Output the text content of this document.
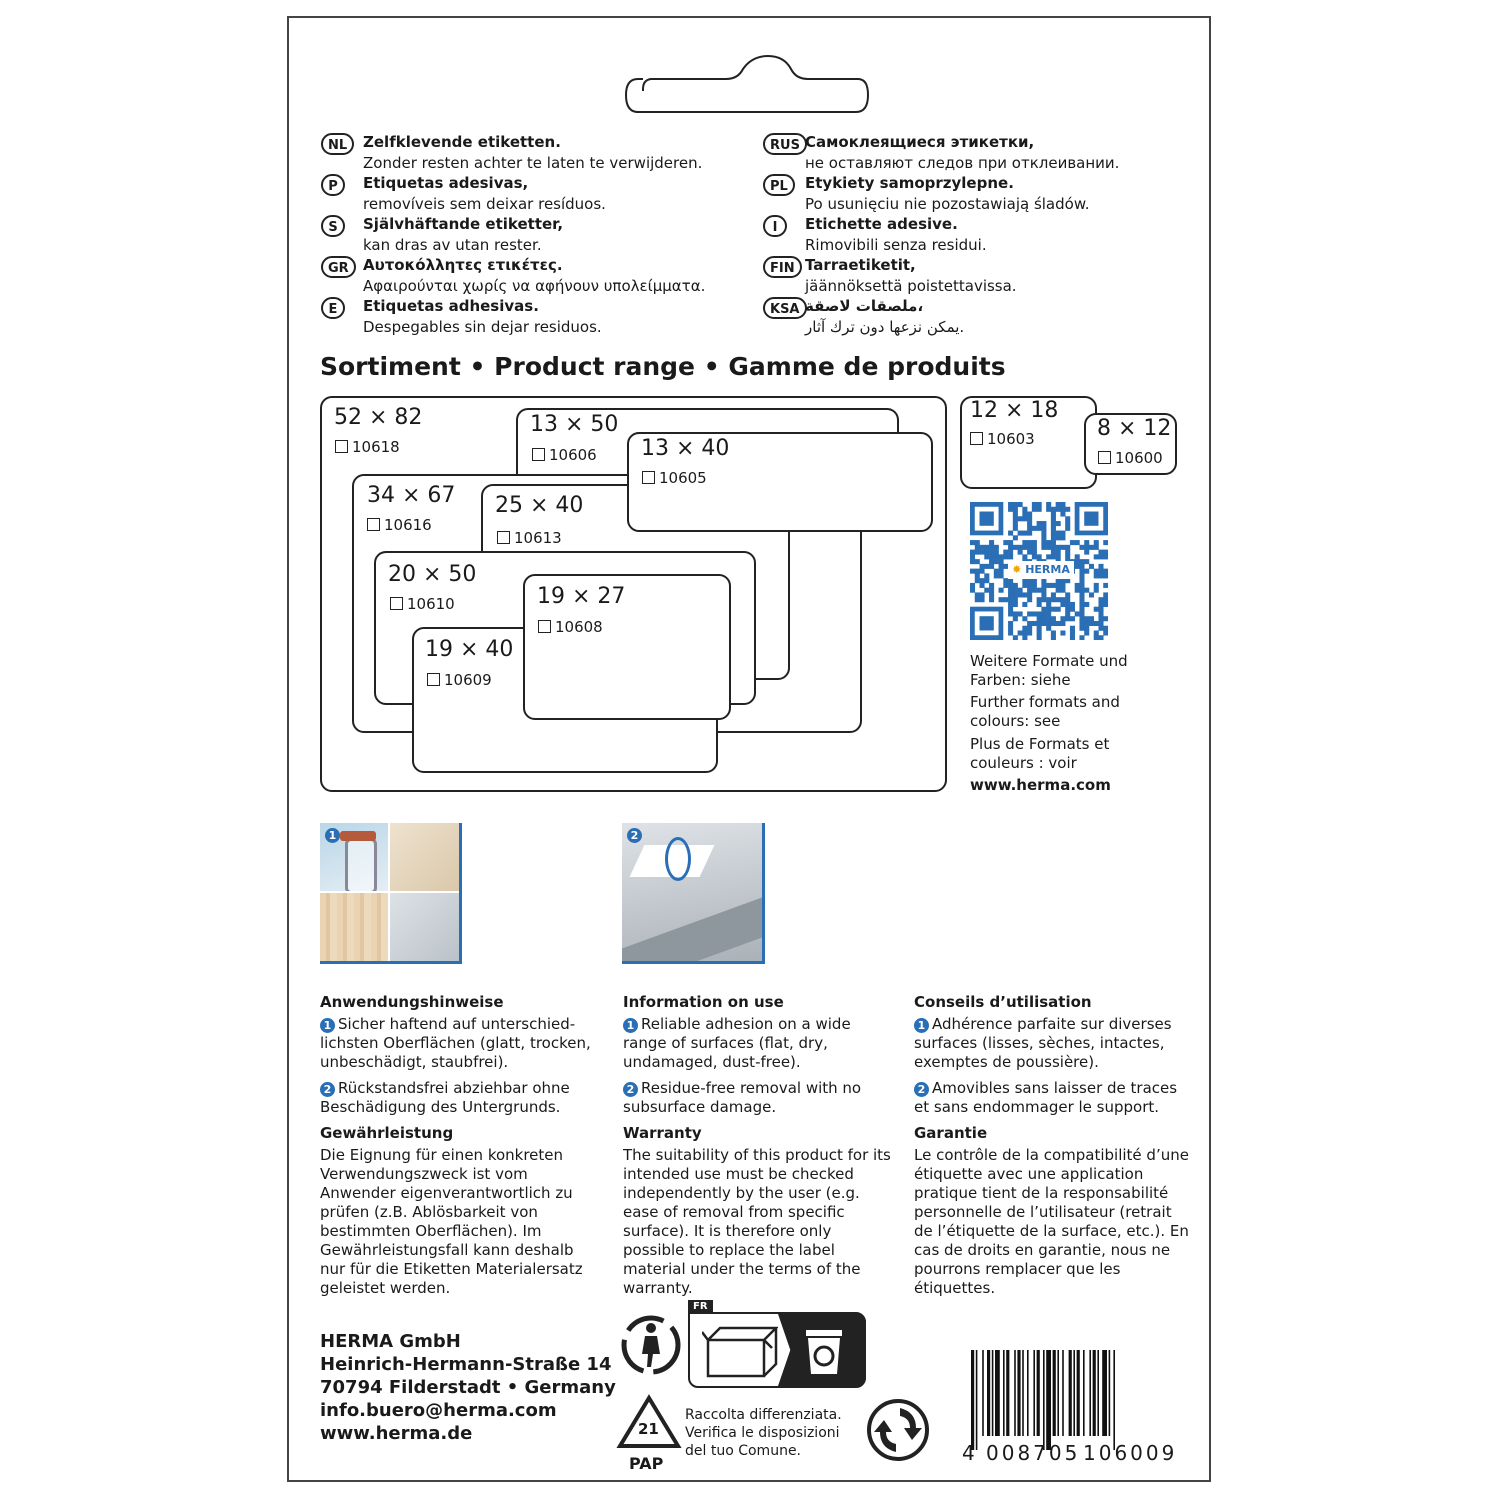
NL	Zelfklevende etiketten.
Zonder resten achter te laten te verwijderen.
P	Etiquetas adesivas,
removíveis sem deixar resíduos.
S	Självhäftande etiketter,
kan dras av utan rester.
GR Αυτοκόλλητες ετικέτες.
Αφαιρούνται χωρίς να αφήνουν υπολείμματα.
E	Etiquetas adhesivas.
Despegables sin dejar residuos.
RUS Самоклеящиеся этикетки,
не оставляют следов при отклеивании.
PL	Etykiety samoprzylepne.
Po usunięciu nie pozostawiają śladów.
I	Etichette adesive.
Rimovibili senza residui.
FIN Tarraetiketit,
jäännöksettä poistettavissa.
KSA ملصقات لاصقة،
يمكن نزعها دون ترك آثار.
Sortiment • Product range • Gamme de produits
52 × 82
10618
13 × 50
10606 13 × 40
10605
34 × 67
10616
25 × 40
10613
20 × 50
10610	19 × 27
10608
19 × 40
10609
12 × 18
10603	8 × 12
10600
✸ HERMA
Weitere Formate und Farben: siehe
Further formats and colours: see
Plus de Formats et couleurs : voir
www.herma.com
1	2
Anwendungshinweise

1 Sicher haftend auf unterschiedlichsten Oberflächen (glatt, trocken, unbeschädigt, staubfrei).

2 Rückstandsfrei abziehbar ohne Beschädigung des Untergrunds.

Gewährleistung

Die Eignung für einen konkreten Verwendungszweck ist vom Anwender eigenverantwortlich zu prüfen (z.B. Ablösbarkeit von bestimmten Oberflächen). Im Gewährleistungsfall kann deshalb nur für die Etiketten Materialersatz geleistet werden.

Information on use

1 Reliable adhesion on a wide range of surfaces (flat, dry, undamaged, dust-free).

2 Residue-free removal with no subsurface damage.

Warranty

The suitability of this product for its intended use must be checked independently by the user (e.g. ease of removal from specific surface). It is therefore only possible to replace the label material under the terms of the warranty.

Conseils d’utilisation

1 Adhérence parfaite sur diverses surfaces (lisses, sèches, intactes, exemptes de poussière).

2 Amovibles sans laisser de traces et sans endommager le support.

Garantie

Le contrôle de la compatibilité d’une étiquette avec une application pratique tient de la responsabilité personnelle de l’utilisateur (retrait de l’étiquette de la surface, etc.). En cas de droits en garantie, nous ne pourrons remplacer que les étiquettes.

HERMA GmbH
Heinrich-Hermann-Straße 14
70794 Filderstadt • Germany
info.buero@herma.com
www.herma.de
FR
21
PAP
Raccolta differenziata.
Verifica le disposizioni
del tuo Comune.	4 008705 106009
